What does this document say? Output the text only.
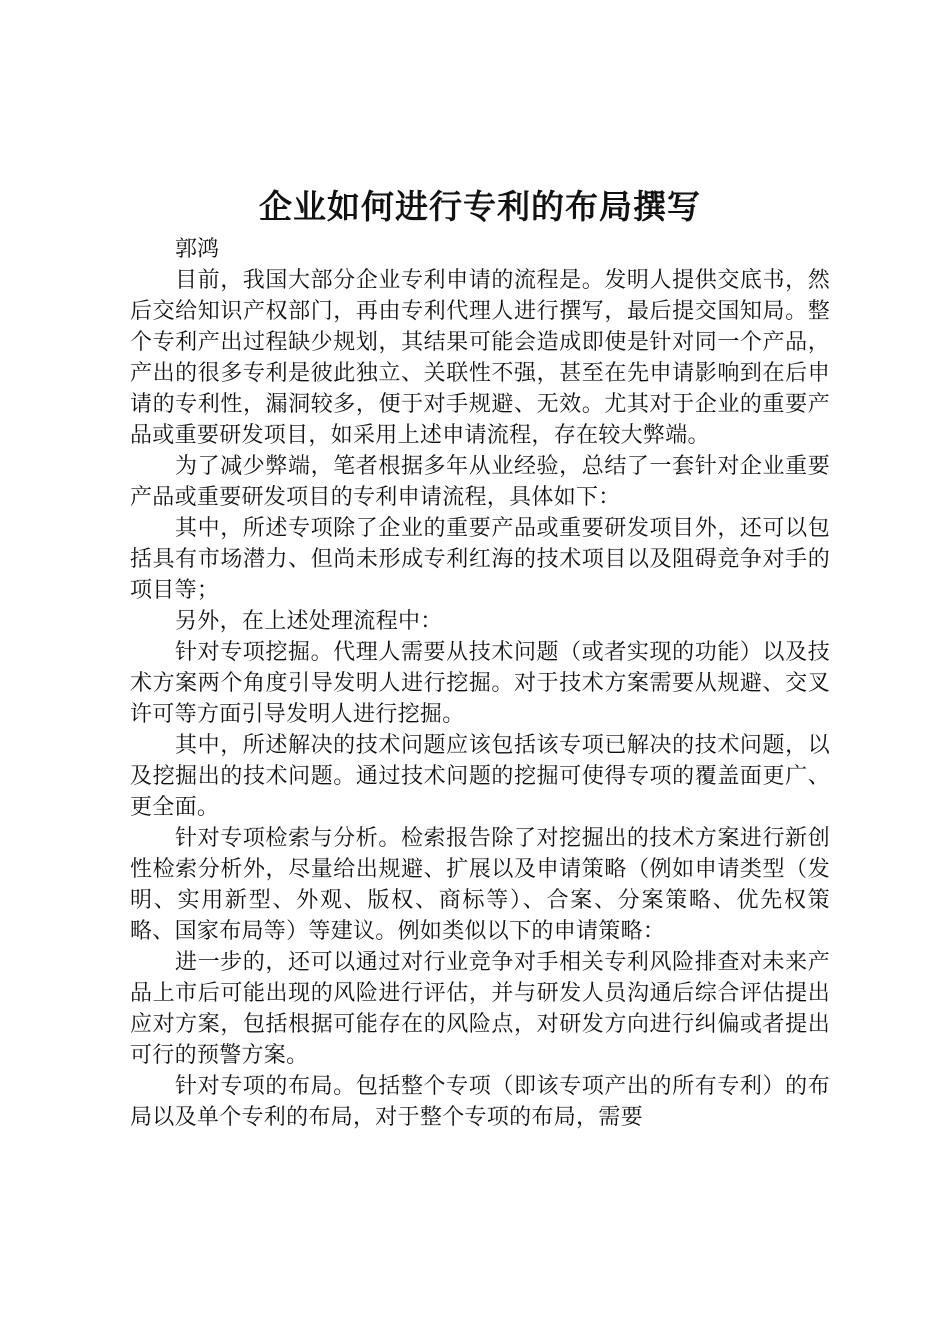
企业如何进行专利的布局撰写

郭鸿

目前，我国大部分企业专利申请的流程是。发明人提供交底书，然后交给知识产权部门，再由专利代理人进行撰写，最后提交国知局。整个专利产出过程缺少规划，其结果可能会造成即使是针对同一个产品，产出的很多专利是彼此独立、关联性不强，甚至在先申请影响到在后申请的专利性，漏洞较多，便于对手规避、无效。尤其对于企业的重要产品或重要研发项目，如采用上述申请流程，存在较大弊端。

为了减少弊端，笔者根据多年从业经验，总结了一套针对企业重要产品或重要研发项目的专利申请流程，具体如下：

其中，所述专项除了企业的重要产品或重要研发项目外，还可以包括具有市场潜力、但尚未形成专利红海的技术项目以及阻碍竞争对手的项目等；

另外，在上述处理流程中：

针对专项挖掘。代理人需要从技术问题（或者实现的功能）以及技术方案两个角度引导发明人进行挖掘。对于技术方案需要从规避、交叉许可等方面引导发明人进行挖掘。

其中，所述解决的技术问题应该包括该专项已解决的技术问题，以及挖掘出的技术问题。通过技术问题的挖掘可使得专项的覆盖面更广、更全面。

针对专项检索与分析。检索报告除了对挖掘出的技术方案进行新创性检索分析外，尽量给出规避、扩展以及申请策略（例如申请类型（发明、实用新型、外观、版权、商标等）、合案、分案策略、优先权策略、国家布局等）等建议。例如类似以下的申请策略：

进一步的，还可以通过对行业竞争对手相关专利风险排查对未来产品上市后可能出现的风险进行评估，并与研发人员沟通后综合评估提出应对方案，包括根据可能存在的风险点，对研发方向进行纠偏或者提出可行的预警方案。

针对专项的布局。包括整个专项（即该专项产出的所有专利）的布局以及单个专利的布局，对于整个专项的布局，需要
